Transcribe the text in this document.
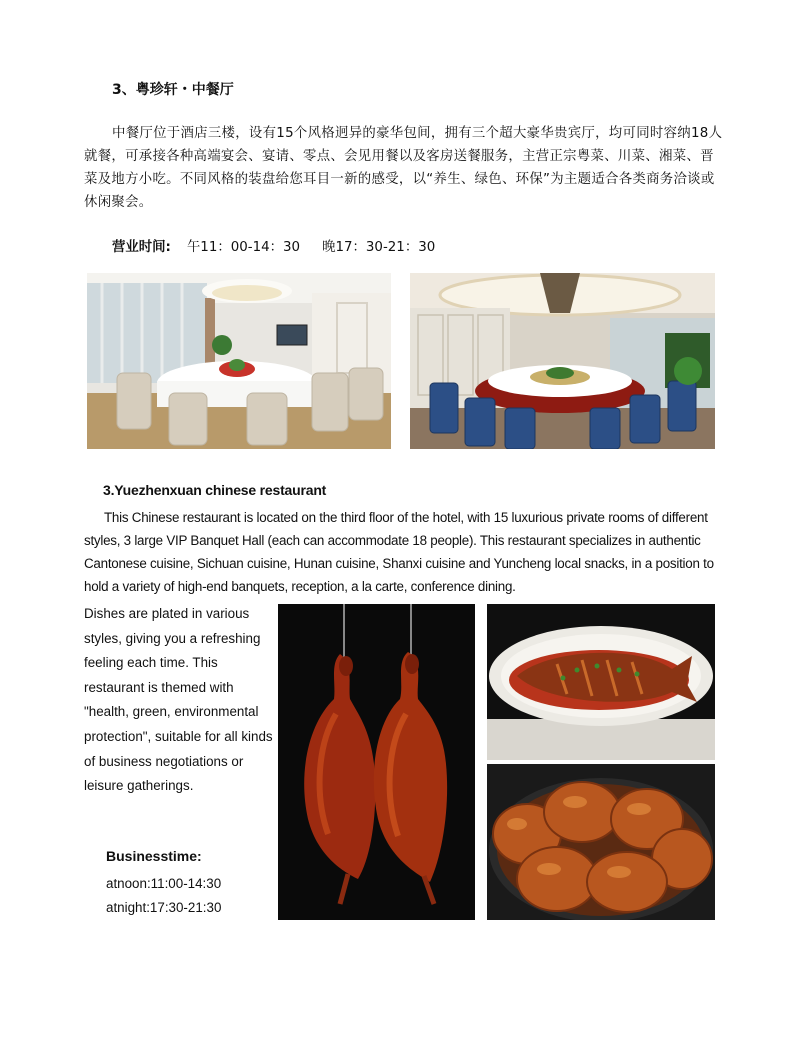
3、粤珍轩・中餐厅
中餐厅位于酒店三楼，设有15个风格迥异的豪华包间，拥有三个超大豪华贵宾厅，均可同时容纳18人就餐，可承接各种高端宴会、宴请、零点、会见用餐以及客房送餐服务，主营正宗粤菜、川菜、湘菜、晋菜及地方小吃。不同风格的装盘给您耳目一新的感受，以“养生、绿色、环保”为主题适合各类商务洽谈或休闲聚会。
营业时间: 午11：00-14：30 晚17：30-21：30
3.Yuezhenxuan chinese restaurant
This Chinese restaurant is located on the third floor of the hotel, with 15 luxurious private rooms of different styles, 3 large VIP Banquet Hall (each can accommodate 18 people). This restaurant specializes in authentic Cantonese cuisine, Sichuan cuisine, Hunan cuisine, Shanxi cuisine and Yuncheng local snacks, in a position to hold a variety of high-end banquets, reception, a la carte, conference dining.
Dishes are plated in various styles, giving you a refreshing feeling each time. This restaurant is themed with "health, green, environmental protection", suitable for all kinds of business negotiations or leisure gatherings.
Businesstime:
atnoon:11:00-14:30
atnight:17:30-21:30
